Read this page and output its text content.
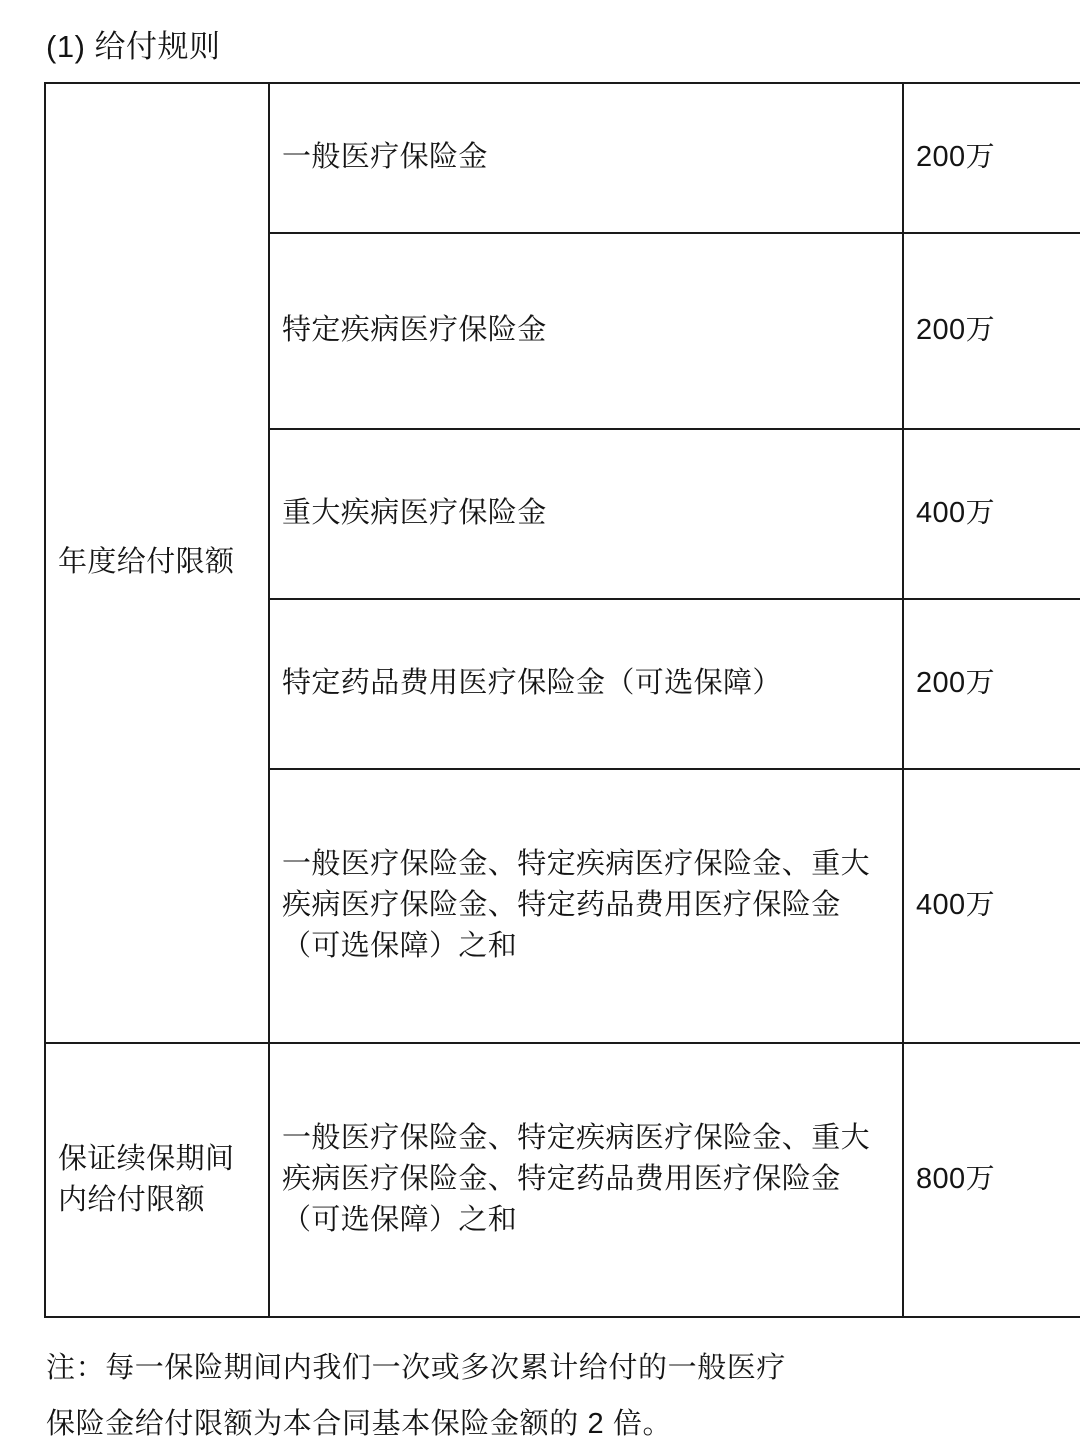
(1) 给付规则
年度给付限额	一般医疗保险金	200万
	特定疾病医疗保险金	200万
	重大疾病医疗保险金	400万
	特定药品费用医疗保险金（可选保障）	200万
	一般医疗保险金、特定疾病医疗保险金、重大疾病医疗保险金、特定药品费用医疗保险金（可选保障）之和	400万
保证续保期间内给付限额	一般医疗保险金、特定疾病医疗保险金、重大疾病医疗保险金、特定药品费用医疗保险金（可选保障）之和	800万

注：每一保险期间内我们一次或多次累计给付的一般医疗

保险金给付限额为本合同基本保险金额的 2 倍。
